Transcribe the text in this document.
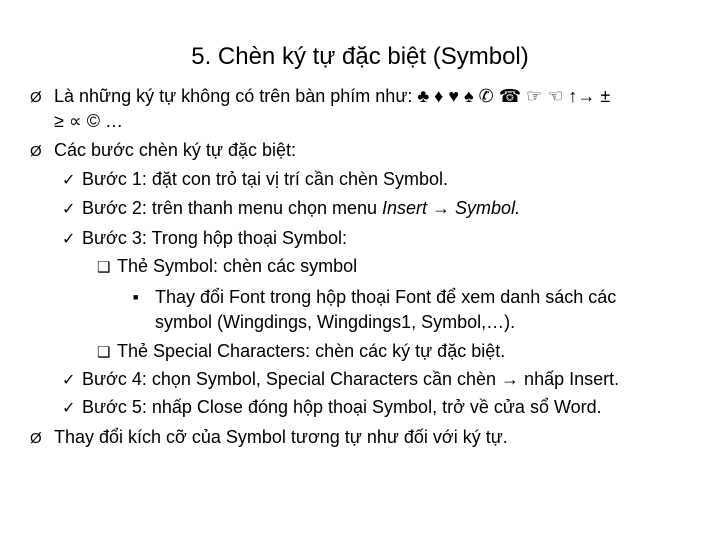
5. Chèn ký tự đặc biệt (Symbol)
Ø Là những ký tự không có trên bàn phím như: ♣ ♦ ♥ ♠ ✆ ☎ ☞ ☜ ↑→ ±
≥ ∝ © …
Ø Các bước chèn ký tự đặc biệt:
✓ Bước 1: đặt con trỏ tại vị trí cần chèn Symbol.
✓ Bước 2: trên thanh menu chọn menu Insert → Symbol.
✓ Bước 3: Trong hộp thoại Symbol:
❑ Thẻ Symbol: chèn các symbol
■ Thay đổi Font trong hộp thoại Font để xem danh sách các
symbol (Wingdings, Wingdings1, Symbol,…).
❑ Thẻ Special Characters: chèn các ký tự đặc biệt.
✓ Bước 4: chọn Symbol, Special Characters cần chèn → nhấp Insert.
✓ Bước 5: nhấp Close đóng hộp thoại Symbol, trở về cửa sổ Word.
Ø Thay đổi kích cỡ của Symbol tương tự như đối với ký tự.
